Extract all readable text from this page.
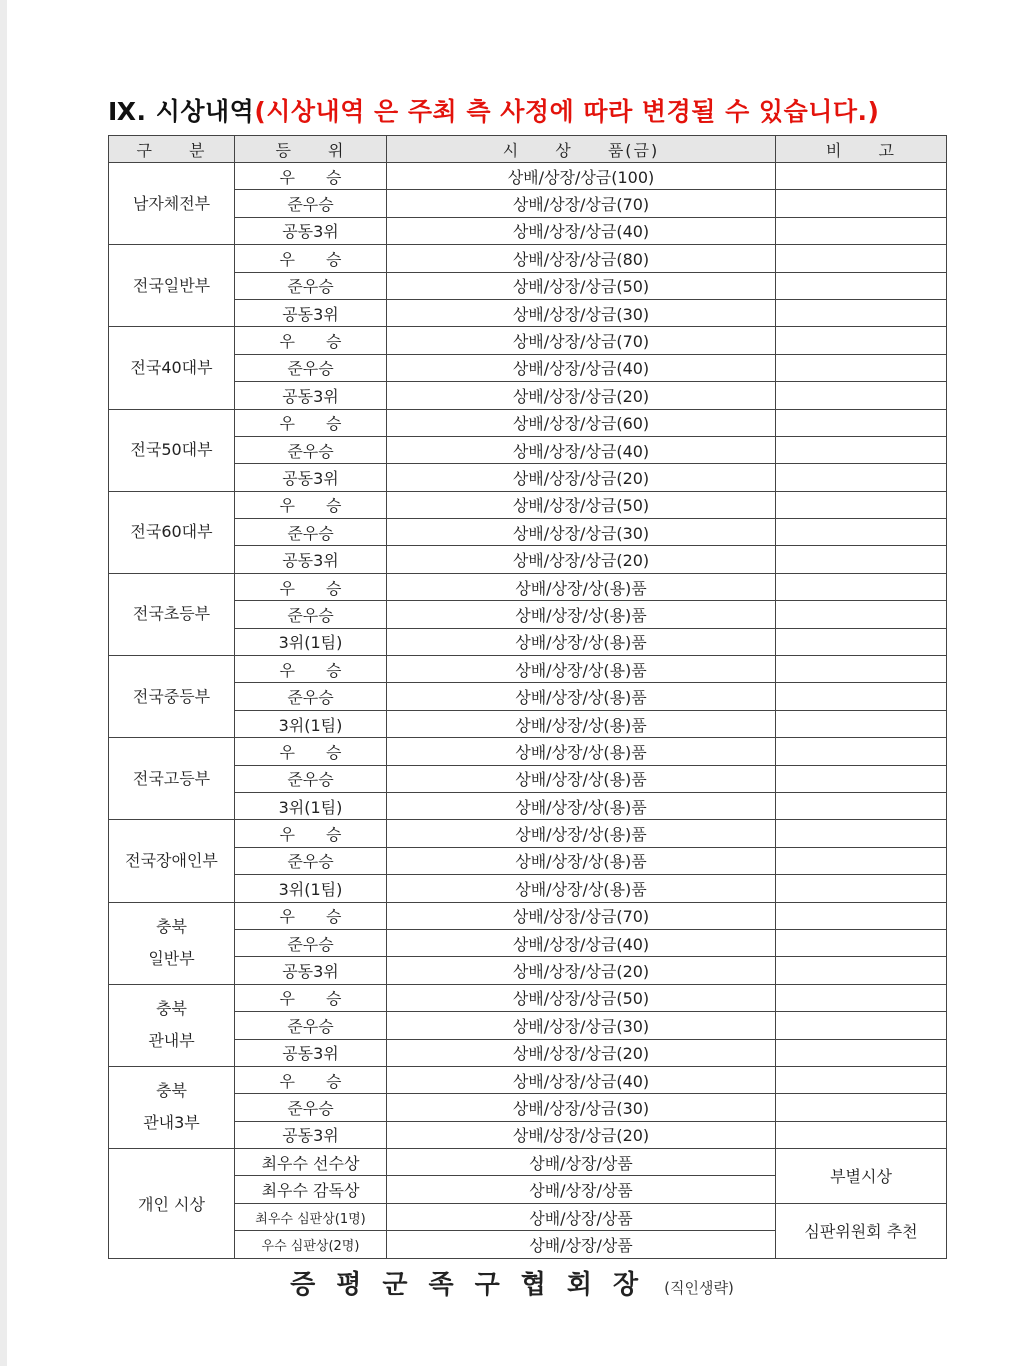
Ⅸ. 시상내역(시상내역 은 주최 측 사정에 따라 변경될 수 있습니다.)
구 분	등 위	시 상 품(금)	비 고

남자체전부	우 승	상배/상장/상금(100)	
	준우승	상배/상장/상금(70)	
	공동3위	상배/상장/상금(40)	

전국일반부	우 승	상배/상장/상금(80)	
	준우승	상배/상장/상금(50)	
	공동3위	상배/상장/상금(30)	

전국40대부	우 승	상배/상장/상금(70)	
	준우승	상배/상장/상금(40)	
	공동3위	상배/상장/상금(20)	

전국50대부	우 승	상배/상장/상금(60)	
	준우승	상배/상장/상금(40)	
	공동3위	상배/상장/상금(20)	

전국60대부	우 승	상배/상장/상금(50)	
	준우승	상배/상장/상금(30)	
	공동3위	상배/상장/상금(20)	

전국초등부	우 승	상배/상장/상(용)품	
	준우승	상배/상장/상(용)품	
	3위(1팀)	상배/상장/상(용)품	

전국중등부	우 승	상배/상장/상(용)품	
	준우승	상배/상장/상(용)품	
	3위(1팀)	상배/상장/상(용)품	

전국고등부	우 승	상배/상장/상(용)품	
	준우승	상배/상장/상(용)품	
	3위(1팀)	상배/상장/상(용)품	

전국장애인부	우 승	상배/상장/상(용)품	
	준우승	상배/상장/상(용)품	
	3위(1팀)	상배/상장/상(용)품	

충북
일반부	우 승	상배/상장/상금(70)	
	준우승	상배/상장/상금(40)	
	공동3위	상배/상장/상금(20)	

충북
관내부	우 승	상배/상장/상금(50)	
	준우승	상배/상장/상금(30)	
	공동3위	상배/상장/상금(20)	

충북
관내3부	우 승	상배/상장/상금(40)	
	준우승	상배/상장/상금(30)	
	공동3위	상배/상장/상금(20)	
개인 시상	최우수 선수상	상배/상장/상품	부별시상
	최우수 감독상	상배/상장/상품	
	최우수 심판상(1명)	상배/상장/상품	심판위원회 추천
	우수 심판상(2명)	상배/상장/상품	
증평군족구협회장 (직인생략)
